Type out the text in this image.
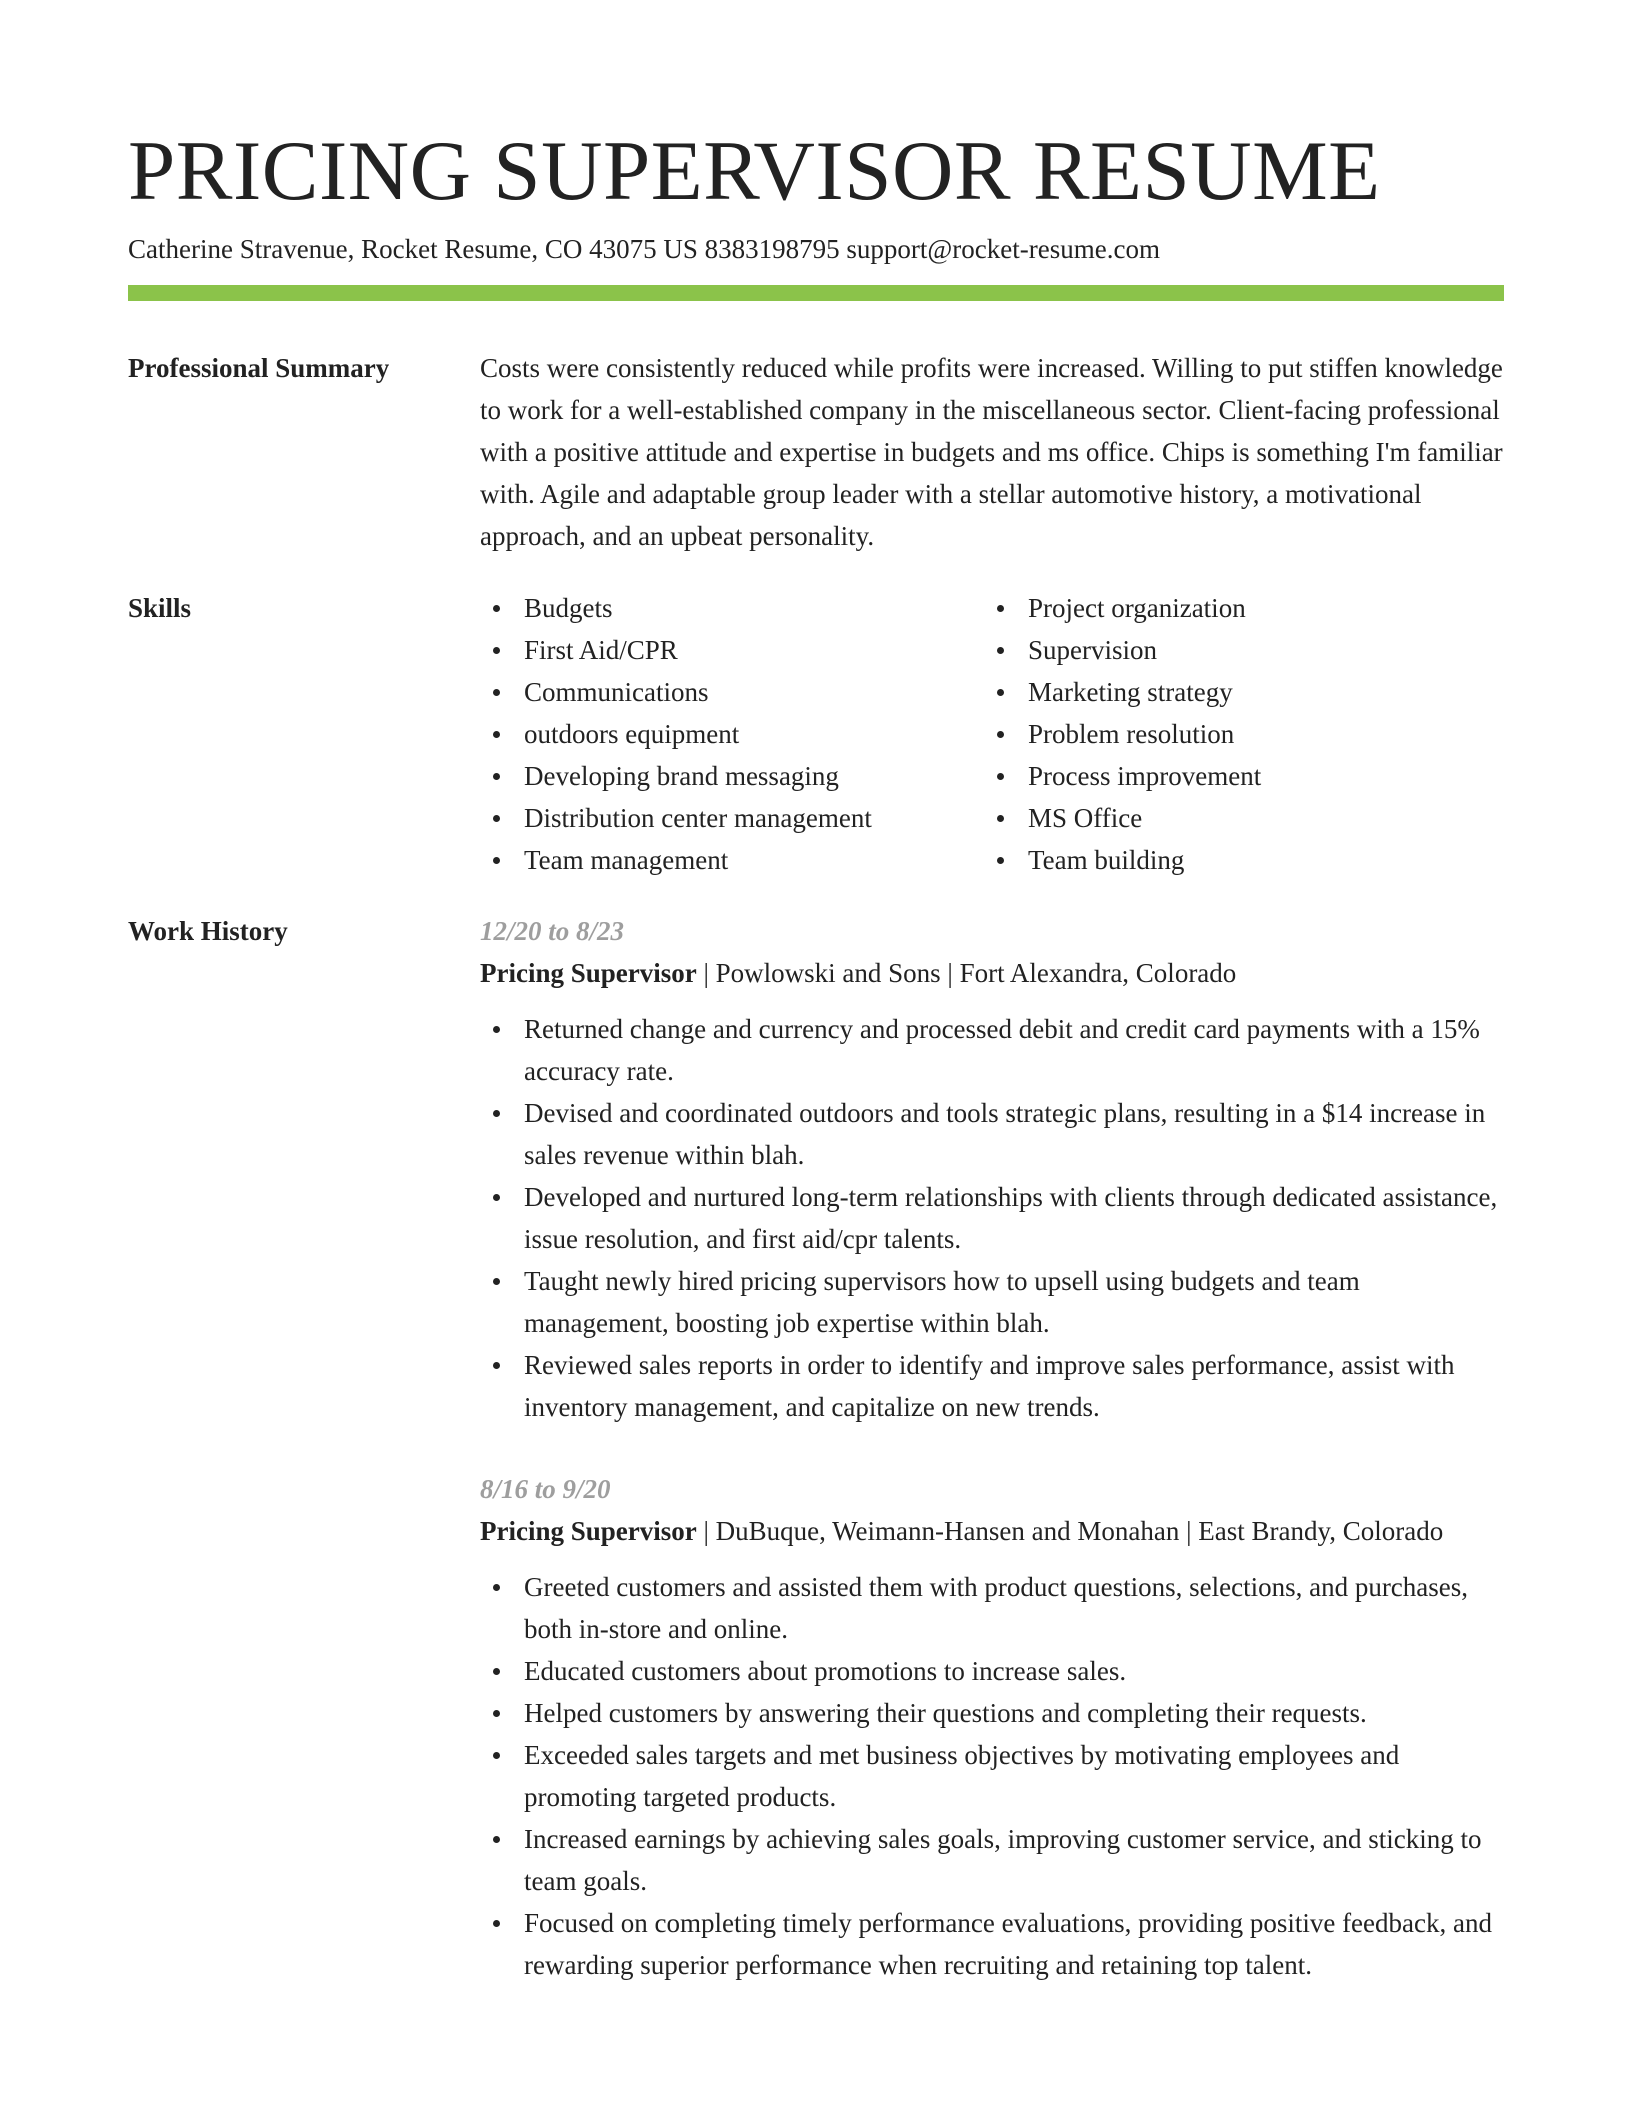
PRICING SUPERVISOR RESUME
Catherine Stravenue, Rocket Resume, CO 43075 US 8383198795 support@rocket-resume.com
Professional Summary	Costs were consistently reduced while profits were increased. Willing to put stiffen knowledge to work for a well-established company in the miscellaneous sector. Client-facing professional with a positive attitude and expertise in budgets and ms office. Chips is something I'm familiar with. Agile and adaptable group leader with a stellar automotive history, a motivational approach, and an upbeat personality.

Skills	Budgets
First Aid/CPR
Communications
outdoors equipment
Developing brand messaging
Distribution center management
Team management
Project organization
Supervision
Marketing strategy
Problem resolution
Process improvement
MS Office
Team building
Work History	12/20 to 8/23
Pricing Supervisor | Powlowski and Sons | Fort Alexandra, Colorado
Returned change and currency and processed debit and credit card payments with a 15% accuracy rate.
Devised and coordinated outdoors and tools strategic plans, resulting in a $14 increase in sales revenue within blah.
Developed and nurtured long-term relationships with clients through dedicated assistance, issue resolution, and first aid/cpr talents.
Taught newly hired pricing supervisors how to upsell using budgets and team management, boosting job expertise within blah.
Reviewed sales reports in order to identify and improve sales performance, assist with inventory management, and capitalize on new trends.
8/16 to 9/20
Pricing Supervisor | DuBuque, Weimann-Hansen and Monahan | East Brandy, Colorado
Greeted customers and assisted them with product questions, selections, and purchases, both in-store and online.
Educated customers about promotions to increase sales.
Helped customers by answering their questions and completing their requests.
Exceeded sales targets and met business objectives by motivating employees and promoting targeted products.
Increased earnings by achieving sales goals, improving customer service, and sticking to team goals.
Focused on completing timely performance evaluations, providing positive feedback, and rewarding superior performance when recruiting and retaining top talent.
